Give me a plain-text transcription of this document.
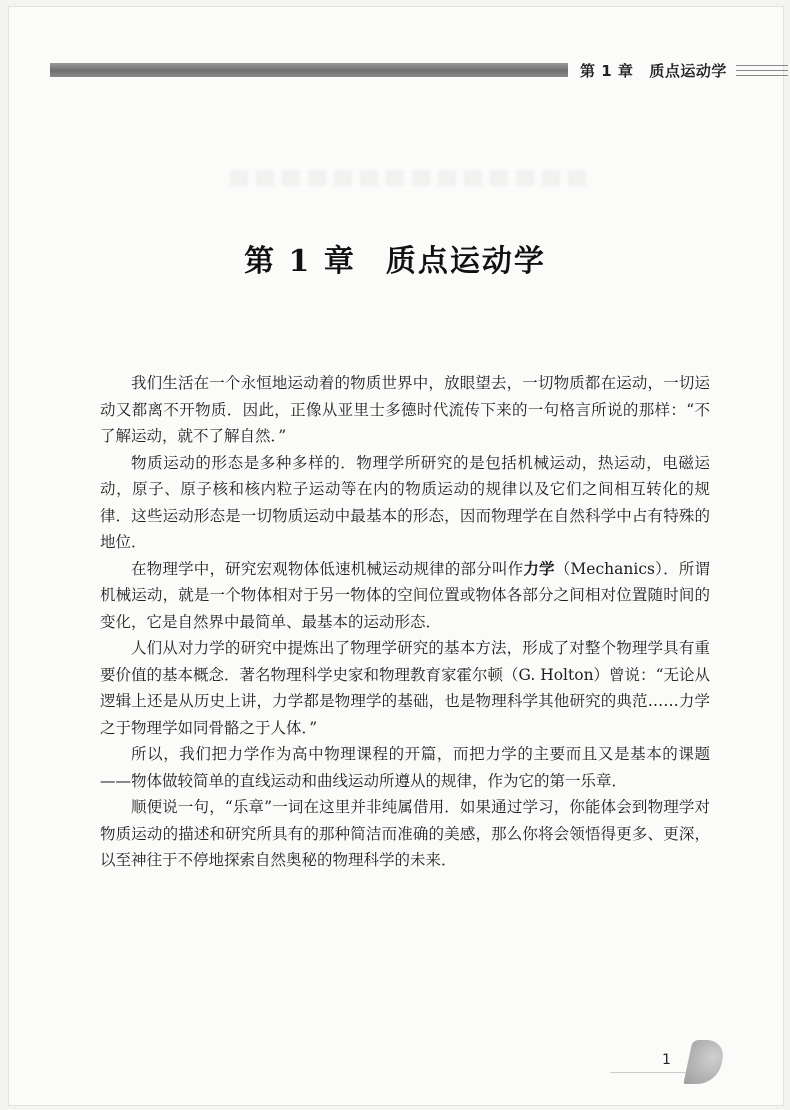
第 1 章 质点运动学
第 1 章 质点运动学

我们生活在一个永恒地运动着的物质世界中，放眼望去，一切物质都在运动，一切运动又都离不开物质．因此，正像从亚里士多德时代流传下来的一句格言所说的那样：“不了解运动，就不了解自然．”

物质运动的形态是多种多样的．物理学所研究的是包括机械运动，热运动，电磁运动，原子、原子核和核内粒子运动等在内的物质运动的规律以及它们之间相互转化的规律．这些运动形态是一切物质运动中最基本的形态，因而物理学在自然科学中占有特殊的地位．

在物理学中，研究宏观物体低速机械运动规律的部分叫作力学（Mechanics）．所谓机械运动，就是一个物体相对于另一物体的空间位置或物体各部分之间相对位置随时间的变化，它是自然界中最简单、最基本的运动形态．

人们从对力学的研究中提炼出了物理学研究的基本方法，形成了对整个物理学具有重要价值的基本概念．著名物理科学史家和物理教育家霍尔顿（G. Holton）曾说：“无论从逻辑上还是从历史上讲，力学都是物理学的基础，也是物理科学其他研究的典范……力学之于物理学如同骨骼之于人体．”

所以，我们把力学作为高中物理课程的开篇，而把力学的主要而且又是基本的课题——物体做较简单的直线运动和曲线运动所遵从的规律，作为它的第一乐章．

顺便说一句，“乐章”一词在这里并非纯属借用．如果通过学习，你能体会到物理学对物质运动的描述和研究所具有的那种简洁而准确的美感，那么你将会领悟得更多、更深，以至神往于不停地探索自然奥秘的物理科学的未来．

1
